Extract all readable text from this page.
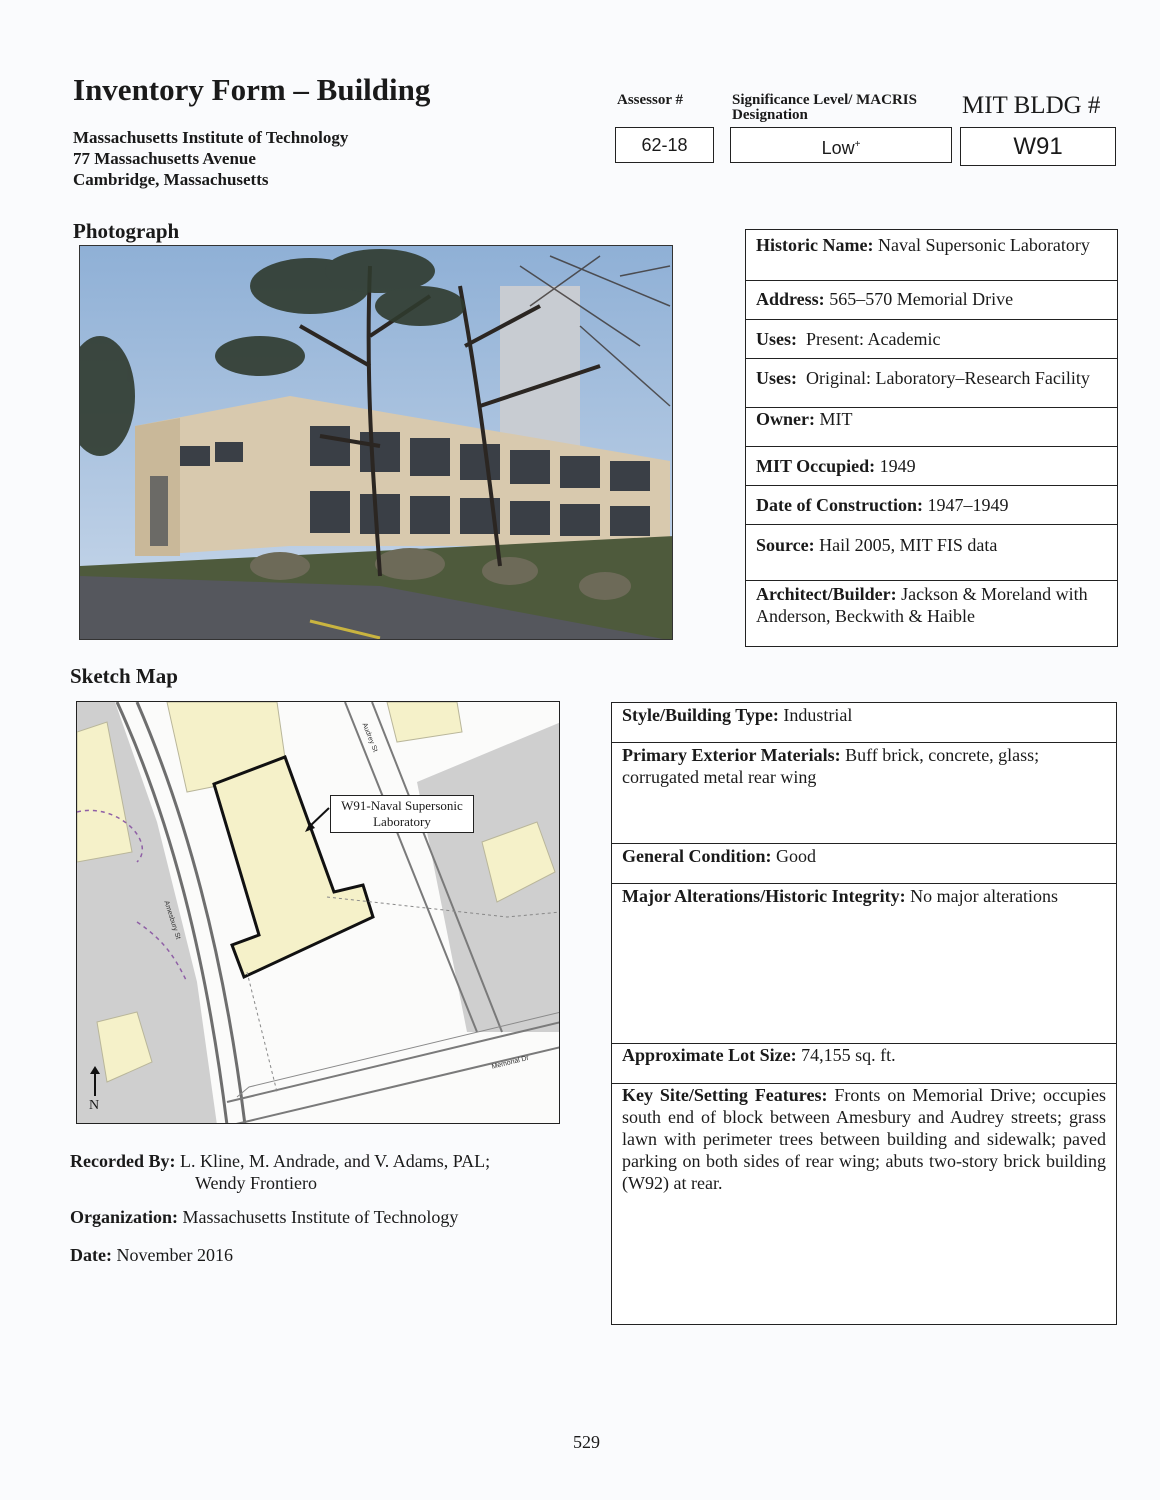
Inventory Form – Building
Massachusetts Institute of Technology
77 Massachusetts Avenue
Cambridge, Massachusetts
Assessor #
62-18
Significance Level/ MACRIS
Designation
Low+
MIT BLDG #
W91
Photograph
Historic Name: Naval Supersonic Laboratory
Address: 565–570 Memorial Drive
Uses: Present: Academic
Uses: Original: Laboratory–Research Facility
Owner: MIT
MIT Occupied: 1949
Date of Construction: 1947–1949
Source: Hail 2005, MIT FIS data
Architect/Builder: Jackson & Moreland with Anderson, Beckwith & Haible
Sketch Map
W91-Naval Supersonic
Laboratory
Amesbury St
Audrey St
Memorial Dr
N
Style/Building Type: Industrial
Primary Exterior Materials: Buff brick, concrete, glass; corrugated metal rear wing
General Condition: Good
Major Alterations/Historic Integrity: No major alterations
Approximate Lot Size: 74,155 sq. ft.
Key Site/Setting Features: Fronts on Memorial Drive; occupies south end of block between Amesbury and Audrey streets; grass lawn with perimeter trees between building and sidewalk; paved parking on both sides of rear wing; abuts two-story brick building (W92) at rear.
Recorded By: L. Kline, M. Andrade, and V. Adams, PAL;
Wendy Frontiero
Organization: Massachusetts Institute of Technology
Date: November 2016
529
